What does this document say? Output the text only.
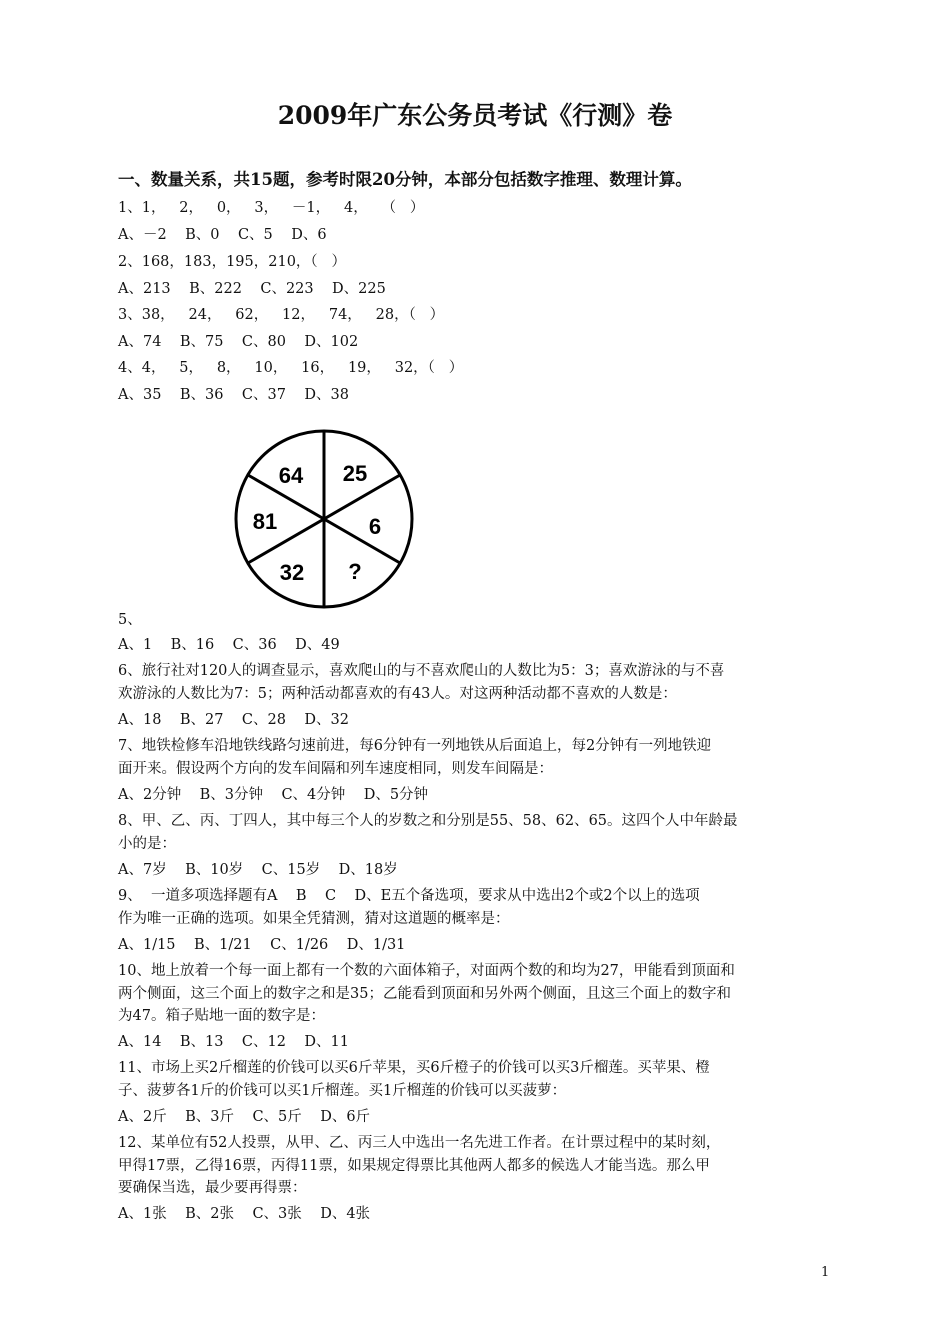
2009年广东公务员考试《行测》卷
一、数量关系，共15题，参考时限20分钟，本部分包括数字推理、数理计算。
1、1，   2，   0，   3，   －1，   4，   （   ）
A、－2    B、0    C、5    D、6
2、168，183，195，210，（   ）
A、213    B、222    C、223    D、225
3、38，   24，   62，   12，   74，   28，（   ）
A、74    B、75    C、80    D、102
4、4，   5，   8，   10，   16，   19，   32，（   ）
A、35    B、36    C、37    D、38
64 25
6
?
32
81
5、
A、1    B、16    C、36    D、49
6、旅行社对120人的调查显示，喜欢爬山的与不喜欢爬山的人数比为5：3；喜欢游泳的与不喜
欢游泳的人数比为7：5；两种活动都喜欢的有43人。对这两种活动都不喜欢的人数是：
A、18    B、27    C、28    D、32
7、地铁检修车沿地铁线路匀速前进，每6分钟有一列地铁从后面追上，每2分钟有一列地铁迎
面开来。假设两个方向的发车间隔和列车速度相同，则发车间隔是：
A、2分钟    B、3分钟    C、4分钟    D、5分钟
8、甲、乙、丙、丁四人，其中每三个人的岁数之和分别是55、58、62、65。这四个人中年龄最
小的是：
A、7岁    B、10岁    C、15岁    D、18岁
9、  一道多项选择题有A    B    C    D、E五个备选项，要求从中选出2个或2个以上的选项
作为唯一正确的选项。如果全凭猜测，猜对这道题的概率是：
A、1/15    B、1/21    C、1/26    D、1/31
10、地上放着一个每一面上都有一个数的六面体箱子，对面两个数的和均为27，甲能看到顶面和
两个侧面，这三个面上的数字之和是35；乙能看到顶面和另外两个侧面，且这三个面上的数字和
为47。箱子贴地一面的数字是：
A、14    B、13    C、12    D、11
11、市场上买2斤榴莲的价钱可以买6斤苹果，买6斤橙子的价钱可以买3斤榴莲。买苹果、橙
子、菠萝各1斤的价钱可以买1斤榴莲。买1斤榴莲的价钱可以买菠萝：
A、2斤    B、3斤    C、5斤    D、6斤
12、某单位有52人投票，从甲、乙、丙三人中选出一名先进工作者。在计票过程中的某时刻，
甲得17票，乙得16票，丙得11票，如果规定得票比其他两人都多的候选人才能当选。那么甲
要确保当选，最少要再得票：
A、1张    B、2张    C、3张    D、4张
1
